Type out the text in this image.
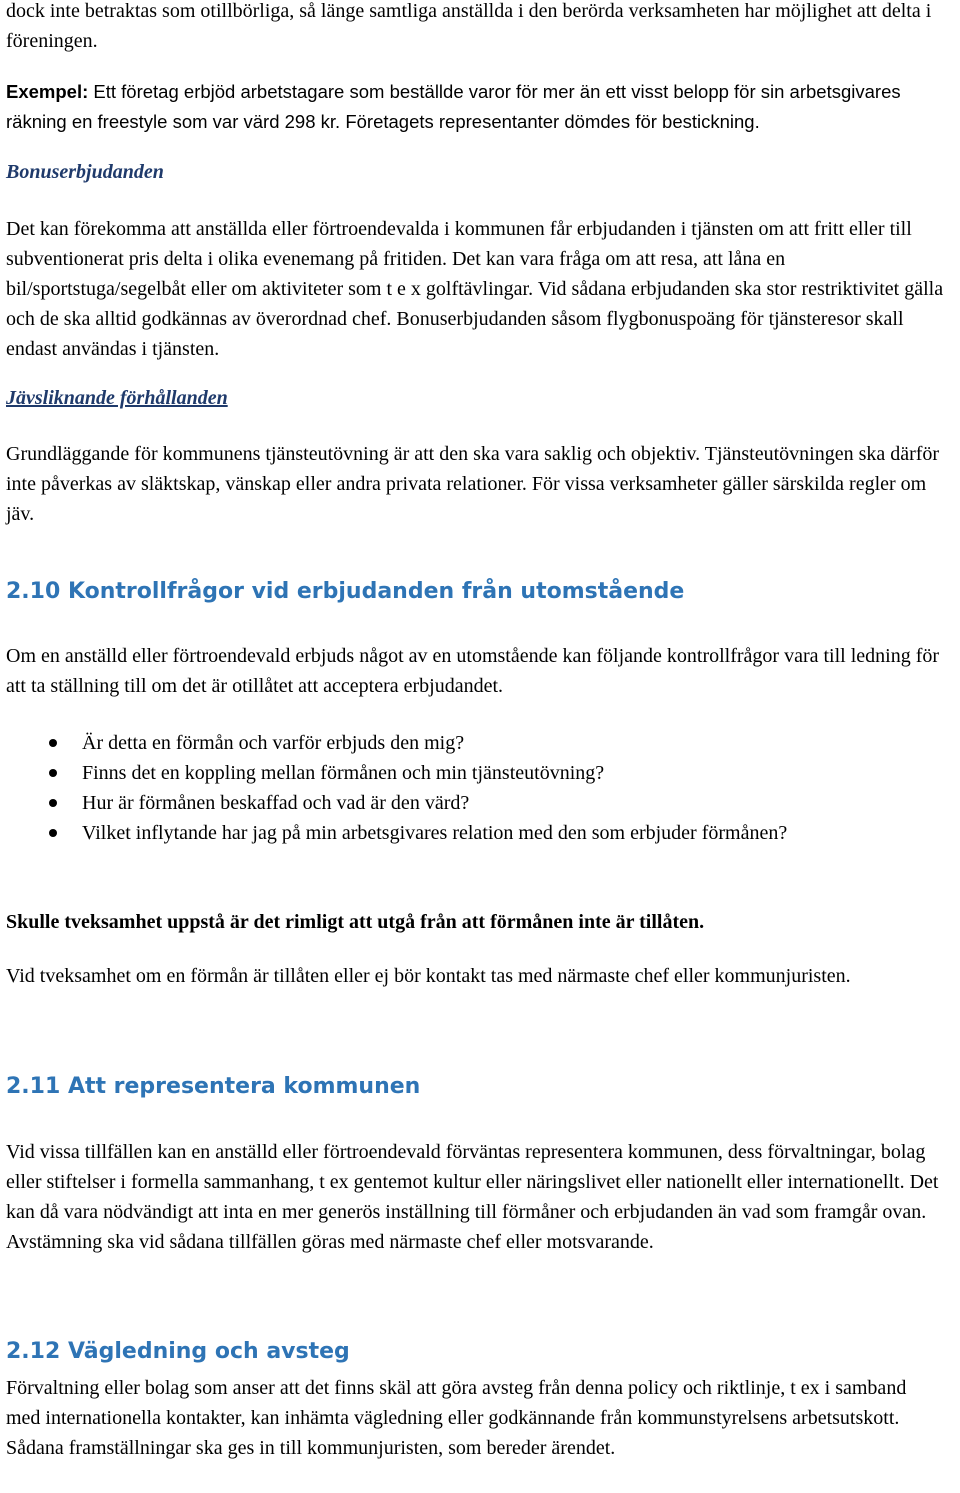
dock inte betraktas som otillbörliga, så länge samtliga anställda i den berörda verksamheten har möjlighet att delta i föreningen.

Exempel: Ett företag erbjöd arbetstagare som beställde varor för mer än ett visst belopp för sin arbetsgivares räkning en freestyle som var värd 298 kr. Företagets representanter dömdes för bestickning.

Bonuserbjudanden

Det kan förekomma att anställda eller förtroendevalda i kommunen får erbjudanden i tjänsten om att fritt eller till subventionerat pris delta i olika evenemang på fritiden. Det kan vara fråga om att resa, att låna en bil/sportstuga/segelbåt eller om aktiviteter som t e x golftävlingar. Vid sådana erbjudanden ska stor restriktivitet gälla och de ska alltid godkännas av överordnad chef. Bonuserbjudanden såsom flygbonuspoäng för tjänsteresor skall endast användas i tjänsten.

Jävsliknande förhållanden

Grundläggande för kommunens tjänsteutövning är att den ska vara saklig och objektiv. Tjänsteutövningen ska därför inte påverkas av släktskap, vänskap eller andra privata relationer. För vissa verksamheter gäller särskilda regler om jäv.

2.10 Kontrollfrågor vid erbjudanden från utomstående

Om en anställd eller förtroendevald erbjuds något av en utomstående kan följande kontrollfrågor vara till ledning för att ta ställning till om det är otillåtet att acceptera erbjudandet.

Är detta en förmån och varför erbjuds den mig?
Finns det en koppling mellan förmånen och min tjänsteutövning?
Hur är förmånen beskaffad och vad är den värd?
Vilket inflytande har jag på min arbetsgivares relation med den som erbjuder förmånen?

Skulle tveksamhet uppstå är det rimligt att utgå från att förmånen inte är tillåten.

Vid tveksamhet om en förmån är tillåten eller ej bör kontakt tas med närmaste chef eller kommunjuristen.

2.11 Att representera kommunen

Vid vissa tillfällen kan en anställd eller förtroendevald förväntas representera kommunen, dess förvaltningar, bolag eller stiftelser i formella sammanhang, t ex gentemot kultur eller näringslivet eller nationellt eller internationellt. Det kan då vara nödvändigt att inta en mer generös inställning till förmåner och erbjudanden än vad som framgår ovan. Avstämning ska vid sådana tillfällen göras med närmaste chef eller motsvarande.

2.12 Vägledning och avsteg

Förvaltning eller bolag som anser att det finns skäl att göra avsteg från denna policy och riktlinje, t ex i samband med internationella kontakter, kan inhämta vägledning eller godkännande från kommunstyrelsens arbetsutskott. Sådana framställningar ska ges in till kommunjuristen, som bereder ärendet.
